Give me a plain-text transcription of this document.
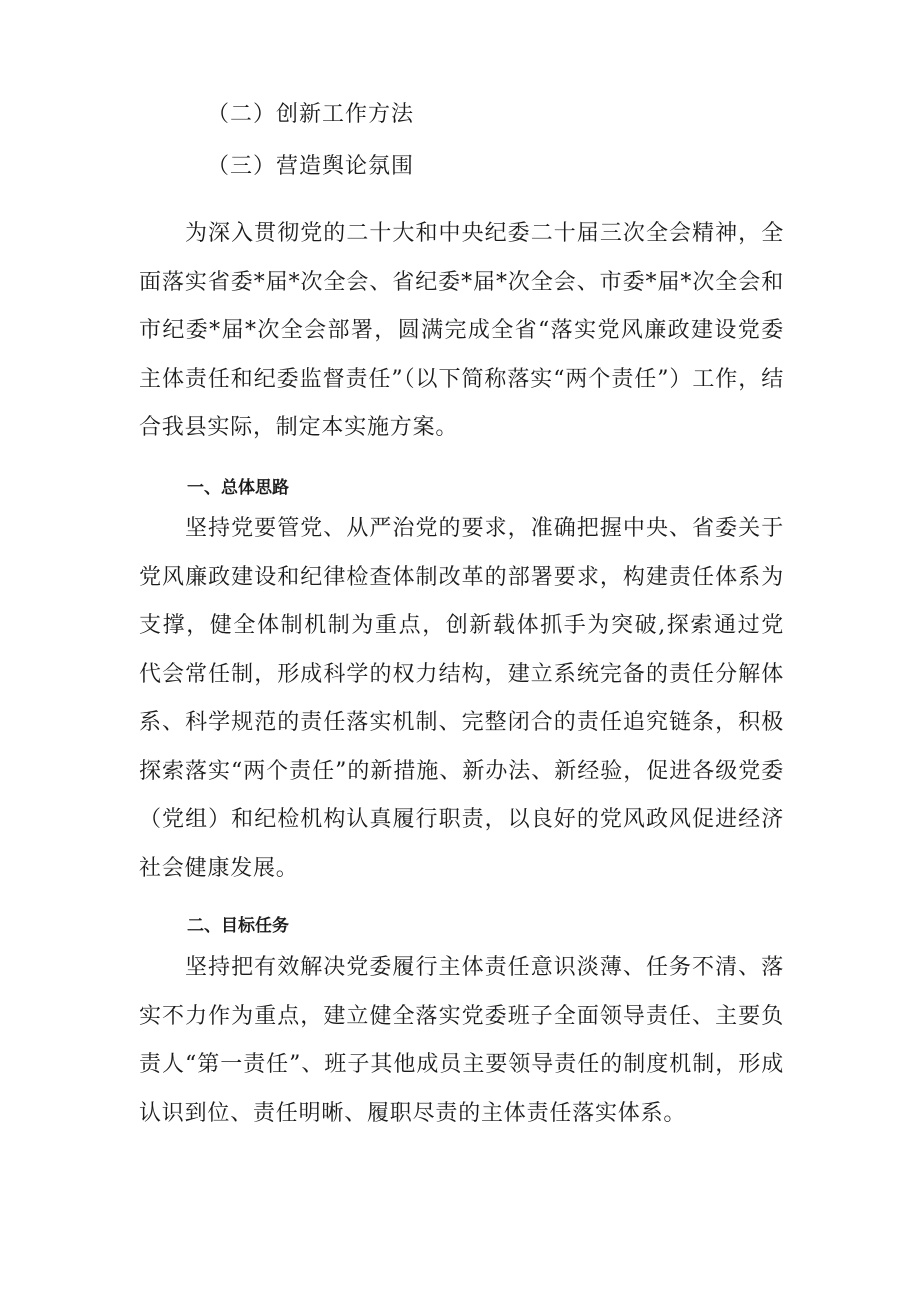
（二）创新工作方法

（三）营造舆论氛围

为深入贯彻党的二十大和中央纪委二十届三次全会精神，全面落实省委*届*次全会、省纪委*届*次全会、市委*届*次全会和市纪委*届*次全会部署，圆满完成全省“落实党风廉政建设党委主体责任和纪委监督责任”（以下简称落实“两个责任”）工作，结合我县实际，制定本实施方案。

一、总体思路

坚持党要管党、从严治党的要求，准确把握中央、省委关于党风廉政建设和纪律检查体制改革的部署要求，构建责任体系为支撑，健全体制机制为重点，创新载体抓手为突破,探索通过党代会常任制，形成科学的权力结构，建立系统完备的责任分解体系、科学规范的责任落实机制、完整闭合的责任追究链条，积极探索落实“两个责任”的新措施、新办法、新经验，促进各级党委（党组）和纪检机构认真履行职责，以良好的党风政风促进经济社会健康发展。

二、目标任务

坚持把有效解决党委履行主体责任意识淡薄、任务不清、落实不力作为重点，建立健全落实党委班子全面领导责任、主要负责人“第一责任”、班子其他成员主要领导责任的制度机制，形成认识到位、责任明晰、履职尽责的主体责任落实体系。
